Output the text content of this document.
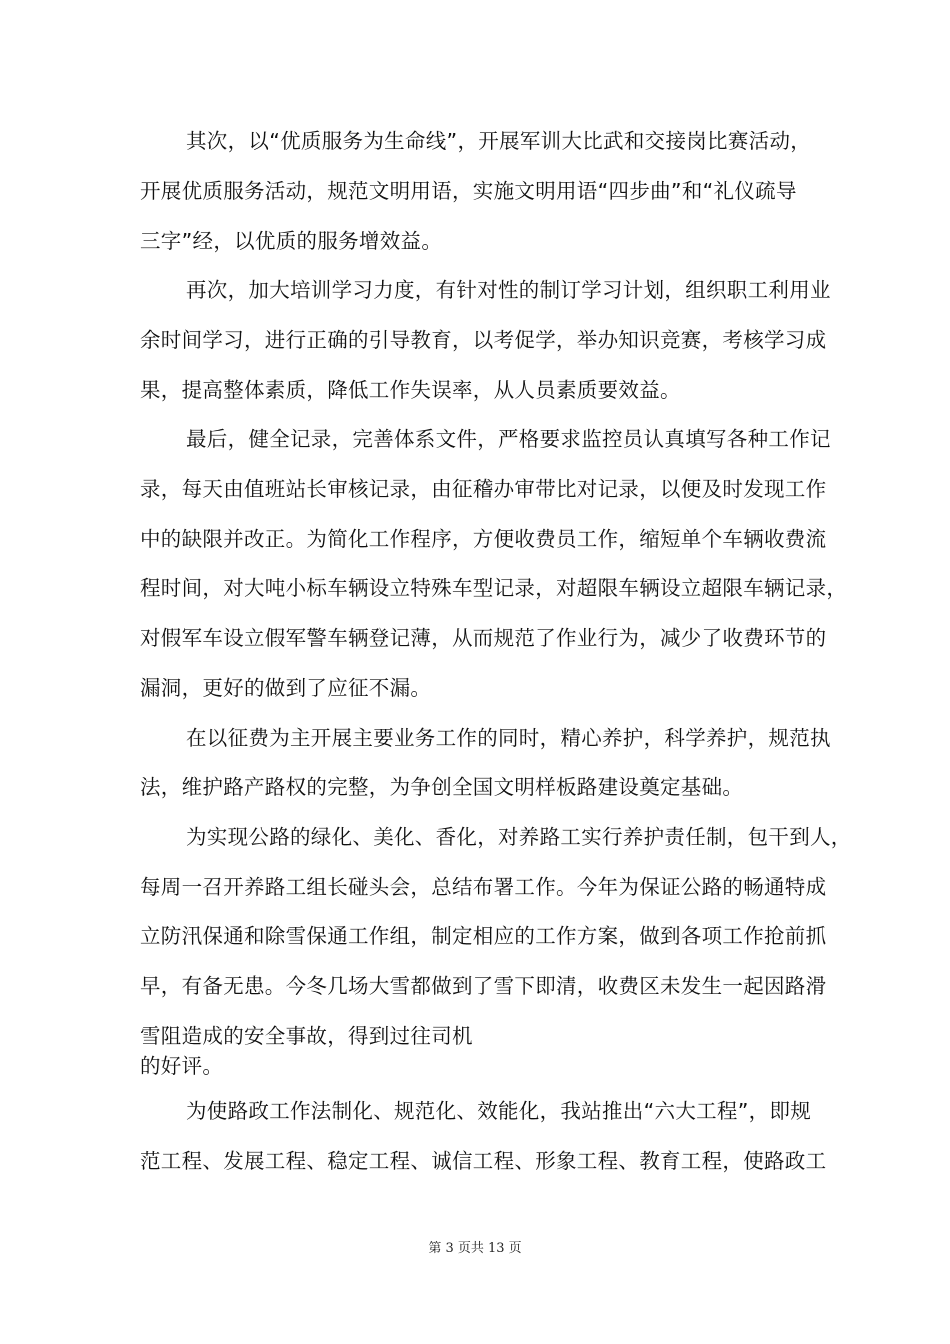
其次，以“优质服务为生命线”，开展军训大比武和交接岗比赛活动，
开展优质服务活动，规范文明用语，实施文明用语“四步曲”和“礼仪疏导
三字”经，以优质的服务增效益。
再次，加大培训学习力度，有针对性的制订学习计划，组织职工利用业
余时间学习，进行正确的引导教育，以考促学，举办知识竞赛，考核学习成
果，提高整体素质，降低工作失误率，从人员素质要效益。
最后，健全记录，完善体系文件，严格要求监控员认真填写各种工作记
录，每天由值班站长审核记录，由征稽办审带比对记录，以便及时发现工作
中的缺限并改正。为简化工作程序，方便收费员工作，缩短单个车辆收费流
程时间，对大吨小标车辆设立特殊车型记录，对超限车辆设立超限车辆记录，
对假军车设立假军警车辆登记薄，从而规范了作业行为，减少了收费环节的
漏洞，更好的做到了应征不漏。
在以征费为主开展主要业务工作的同时，精心养护，科学养护，规范执
法，维护路产路权的完整，为争创全国文明样板路建设奠定基础。
为实现公路的绿化、美化、香化，对养路工实行养护责任制，包干到人，
每周一召开养路工组长碰头会，总结布署工作。今年为保证公路的畅通特成
立防汛保通和除雪保通工作组，制定相应的工作方案，做到各项工作抢前抓
早，有备无患。今冬几场大雪都做到了雪下即清，收费区未发生一起因路滑
雪阻造成的安全事故，得到过往司机
的好评。
为使路政工作法制化、规范化、效能化，我站推出“六大工程”，即规
范工程、发展工程、稳定工程、诚信工程、形象工程、教育工程，使路政工
第 3 页共 13 页
